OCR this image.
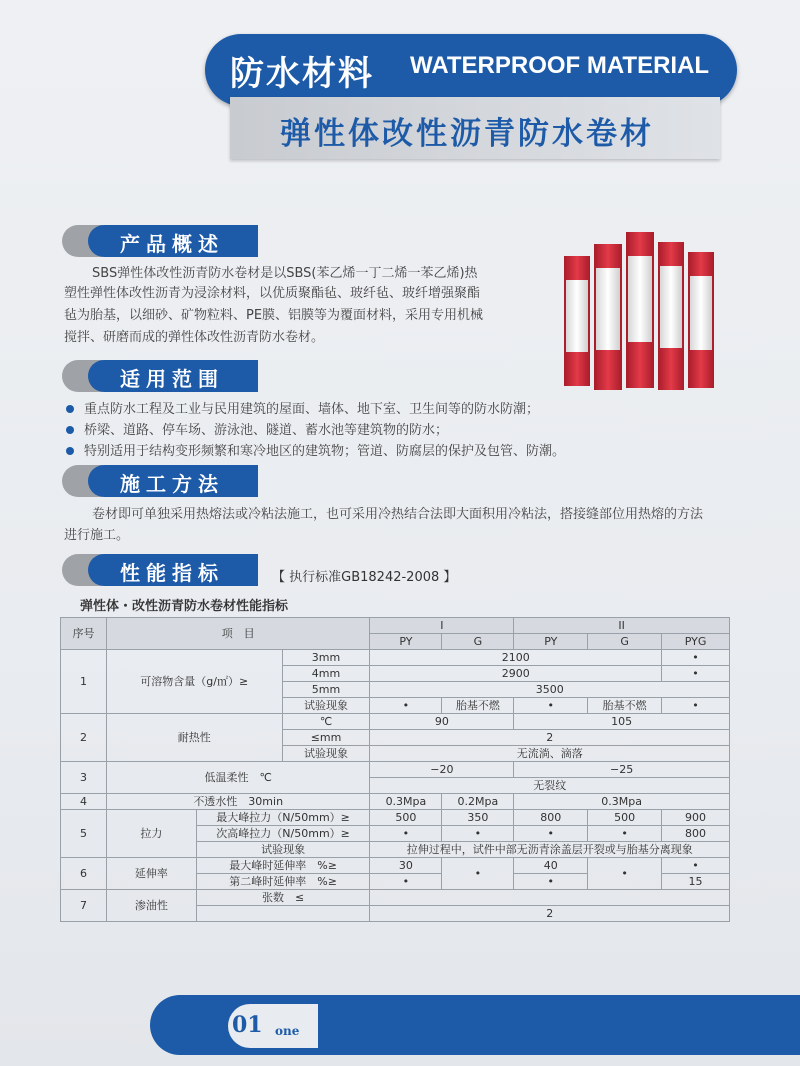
防水材料 WATERPROOF MATERIAL
弹性体改性沥青防水卷材
产品概述
SBS弹性体改性沥青防水卷材是以SBS(苯乙烯一丁二烯一苯乙烯)热
塑性弹性体改性沥青为浸涂材料，以优质聚酯毡、玻纤毡、玻纤增强聚酯
毡为胎基，以细砂、矿物粒料、PE膜、铝膜等为覆面材料，采用专用机械
搅拌、研磨而成的弹性体改性沥青防水卷材。
适用范围
重点防水工程及工业与民用建筑的屋面、墙体、地下室、卫生间等的防水防潮；
桥梁、道路、停车场、游泳池、隧道、蓄水池等建筑物的防水；
特别适用于结构变形频繁和寒冷地区的建筑物；管道、防腐层的保护及包管、防潮。
施工方法
卷材即可单独采用热熔法或冷粘法施工，也可采用冷热结合法即大面积用冷粘法，搭接缝部位用热熔的方法
进行施工。
性能指标	【 执行标准GB18242-2008 】
弹性体・改性沥青防水卷材性能指标
序号	项　目			I		II		
				PY	G	PY	G	PYG
1	可溶物含量（g/㎡）≥		3mm	2100				•
			4mm	2900				•
			5mm	3500				
			试验现象	•	胎基不燃	•	胎基不燃	•
2	耐热性		℃	90		105		
			≤mm	2				
			试验现象	无流淌、滴落				
3	低温柔性　℃			−20		−25		
				无裂纹				
4	不透水性　30min			0.3Mpa	0.2Mpa	0.3Mpa		
5	拉力	最大峰拉力（N/50mm）≥		500	350	800	500	900
		次高峰拉力（N/50mm）≥		•	•	•	•	800
		试验现象		拉伸过程中，试件中部无沥青涂盖层开裂或与胎基分离现象				
6	延伸率	最大峰时延伸率　%≥		30	•	40	•	•
		第二峰时延伸率　%≥		•		•		15
7	渗油性	张数　≤						
				2				
01 one
